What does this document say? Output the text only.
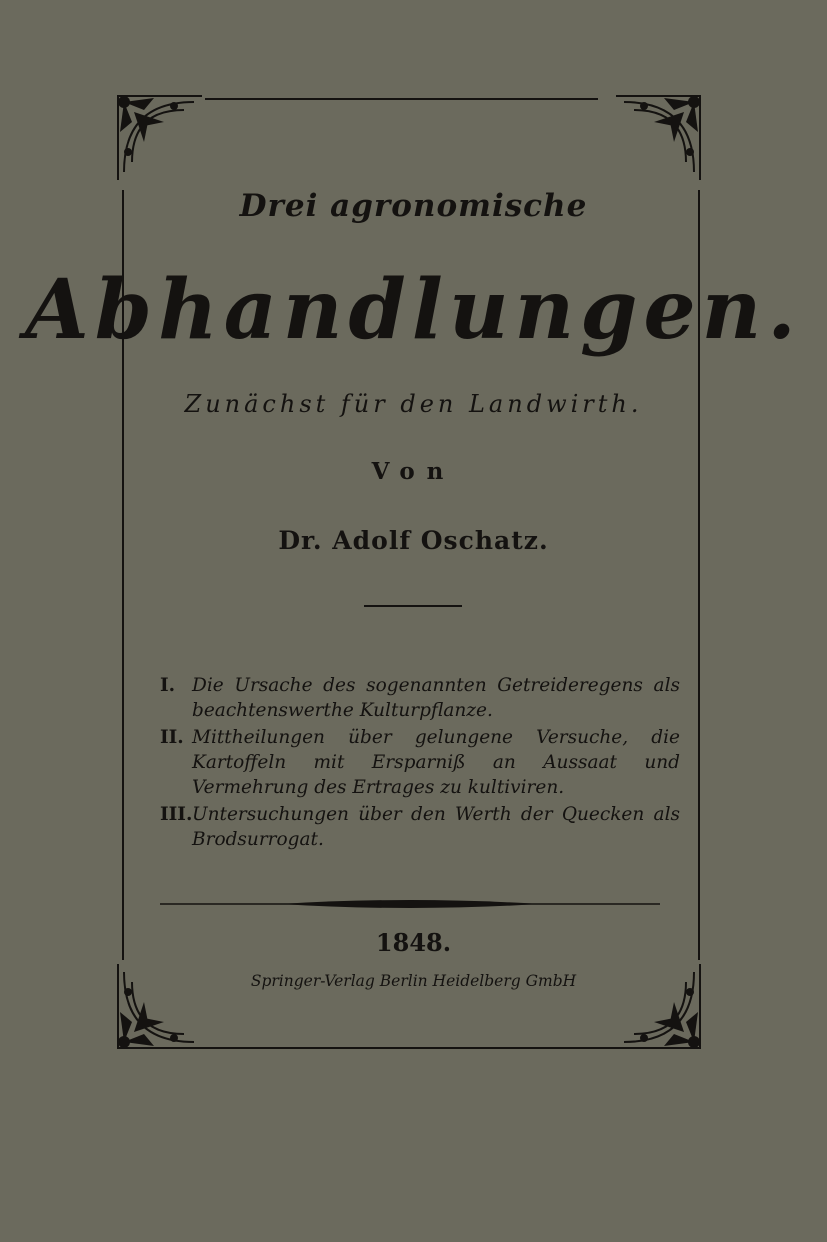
Drei agronomische
Abhandlungen.
Zunächst für den Landwirth.
Von
Dr. Adolf Oschatz.
I. Die Ursache des sogenannten Getreideregens als beachtenswerthe Kulturpflanze.
II. Mittheilungen über gelungene Versuche, die Kartoffeln mit Ersparniß an Aussaat und Vermehrung des Ertrages zu kultiviren.
III. Untersuchungen über den Werth der Quecken als Brodsurrogat.
1848.
Springer-Verlag Berlin Heidelberg GmbH
